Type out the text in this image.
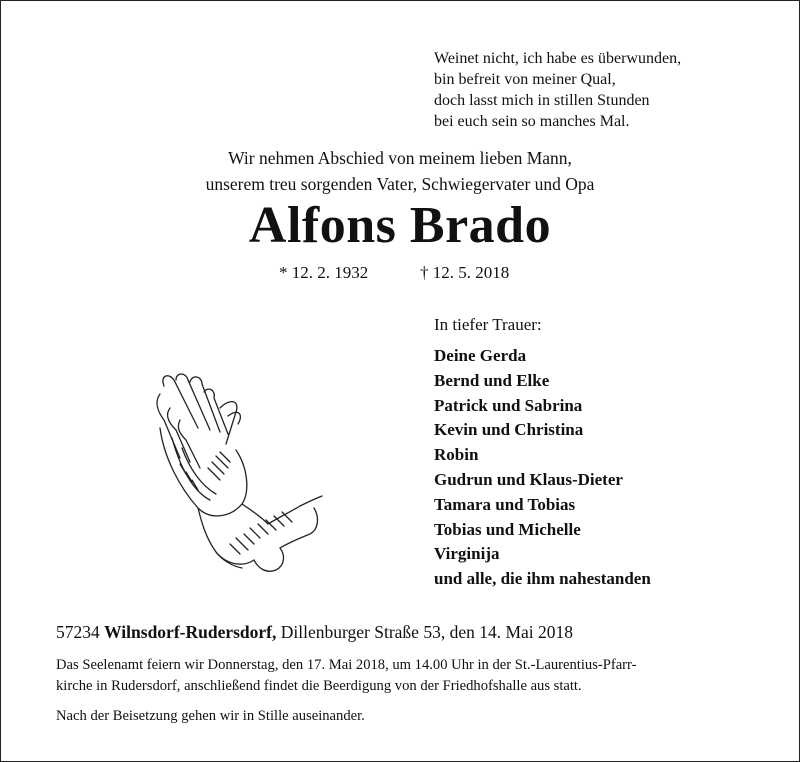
Weinet nicht, ich habe es überwunden,
bin befreit von meiner Qual,
doch lasst mich in stillen Stunden
bei euch sein so manches Mal.
Wir nehmen Abschied von meinem lieben Mann,
unserem treu sorgenden Vater, Schwiegervater und Opa
Alfons Brado
* 12. 2. 1932	† 12. 5. 2018
In tiefer Trauer:
Deine Gerda
Bernd und Elke
Patrick und Sabrina
Kevin und Christina
Robin
Gudrun und Klaus-Dieter
Tamara und Tobias
Tobias und Michelle
Virginija
und alle, die ihm nahestanden
57234 Wilnsdorf-Rudersdorf, Dillenburger Straße 53, den 14. Mai 2018
Das Seelenamt feiern wir Donnerstag, den 17. Mai 2018, um 14.00 Uhr in der St.-Laurentius-Pfarr-
kirche in Rudersdorf, anschließend findet die Beerdigung von der Friedhofshalle aus statt.
Nach der Beisetzung gehen wir in Stille auseinander.
